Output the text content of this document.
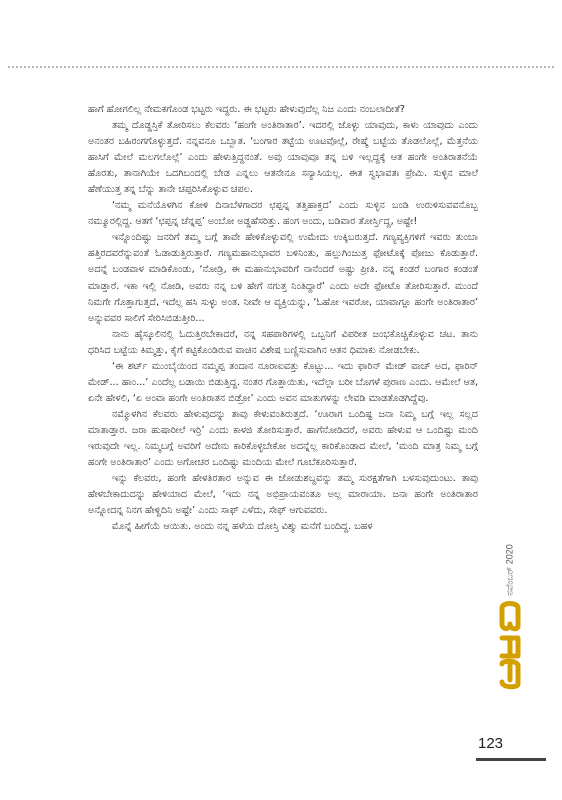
ಹಾಗೆ ಹೋಗಲಿಲ್ಲ ನೇಮಕಗೊಂಡ ಭಟ್ಟರು ಇದ್ದರು. ಈ ಭಟ್ಟರು ಹೇಳುವುದೆಲ್ಲ ನಿಜ ಎಂದು ನಂಬಲಾದೀತೆ?

ತಮ್ಮ ದೊಡ್ಡಸ್ತಿಕೆ ತೋರಿಸಲು ಕೆಲವರು ‘ಹಂಗೇ ಅಂತಿರಾತಾರ’. ಇದರಲ್ಲಿ ಜೊಳ್ಳು ಯಾವುದು, ಕಾಳು ಯಾವುದು ಎಂದು ಅನಂತರ ಬಹಿರಂಗಗೊಳ್ಳುತ್ತದೆ. ನನ್ನವನೂ ಒಬ್ಬಾತ. ‘ಬಂಗಾರ ತಟ್ಟೆಯ ಊಟವೊಲ್ಲೆ, ರೇಷ್ಮೆ ಬಟ್ಟೆಯ ತೊಡಲೊಲ್ಲೆ, ಮೆತ್ತನೆಯ ಹಾಸಿಗೆ ಮೇಲೆ ಮಲಗಲೊಲ್ಲೆ’ ಎಂದು ಹೇಳುತ್ತಿದ್ದನಂತೆ. ಅವು ಯಾವುವೂ ತನ್ನ ಬಳಿ ಇಲ್ಲದ್ದಕ್ಕೆ ಆತ ಹಂಗೇ ಅಂತಿರಾತನೆಯೆ ಹೊರತು, ತಾನಾಗಿಯೇ ಒದಗಿಬಂದಲ್ಲಿ ಬೇಡ ಎನ್ನಲು ಆತನೇನೂ ಸನ್ಯಾಸಿಯಲ್ಲ. ಈತ ಸ್ವಭಾವತಃ ಪ್ರೇಮಿ. ಸುಳ್ಳಿನ ಮಾಲೆ ಹೆಣೆಯುತ್ತ ತನ್ನ ಬೆನ್ನು ತಾನೇ ಚಪ್ಪರಿಸಿಕೊಳ್ಳುವ ಚಪಲ.

‘ನಮ್ಮ ಮನೆಯೊಳಗಿನ ಕೋಳಿ ದಿನಾಬೆಳಗಾದರ ಛಪ್ಪನ್ನ ತತ್ತಿಹಾಕ್ತದ’ ಎಂದು ಸುಳ್ಳಿನ ಬಂಡಿ ಉರುಳಿಸುವವನೊಬ್ಬ ನಮ್ಮೂರಲ್ಲಿದ್ದ. ಆತಗೆ ‘ಛಪ್ಪನ್ನ ಚೆನ್ನಪ್ಪ’ ಅಂಬೋ ಅಡ್ಡಹೆಸರಿತ್ತು. ಹಂಗ ಅಂದು, ಬಡಿವಾರ ತೋರ್ಸ್ತಿದ್ದ, ಅಷ್ಟೇ!

ಇನ್ನೊಂದಿಷ್ಟು ಜನರಿಗೆ ತಮ್ಮ ಬಗ್ಗೆ ತಾವೇ ಹೇಳಿಕೊಳ್ಳುವಲ್ಲಿ ಉಮೇದು ಉಕ್ಕಿಬರುತ್ತದೆ. ಗಣ್ಯವ್ಯಕ್ತಿಗಳಿಗೆ ಇವರು ತುಂಬಾ ಹತ್ತಿರದವರೆನ್ನುವಂತೆ ಓಡಾಡುತ್ತಿರುತ್ತಾರೆ. ಗಣ್ಯಮಹಾನುಭಾವರ ಬಳಿನಿಂತು, ಹಲ್ಲುಗಿಂಜುತ್ತ ಫೋಟೊಕ್ಕೆ ಪೋಜು ಕೊಡುತ್ತಾರೆ. ಅದನ್ನೆ ಬಂಡವಾಳ ಮಾಡಿಕೊಂಡು, ‘ನೋಡ್ರಿ, ಈ ಮಹಾನುಭಾವರಿಗೆ ನಾನೆಂದರೆ ಅಷ್ಟು ಪ್ರೀತಿ. ನನ್ನ ಕಂಡರೆ ಬಂಗಾರ ಕಂಡಂತೆ ಮಾಡ್ತಾರೆ. ಇಕಾ ಇಲ್ಲಿ ನೋಡಿ, ಅವರು ನನ್ನ ಬಳಿ ಹೇಗೆ ನಗುತ್ತ ನಿಂತಿದ್ದಾರೆ’ ಎಂದು ಅದೇ ಫೋಟೊ ತೋರಿಸುತ್ತಾರೆ. ಮುಂದೆ ನಿಮಗೇ ಗೊತ್ತಾಗುತ್ತದೆ, ಇದೆಲ್ಲ ಹಸಿ ಸುಳ್ಳು ಅಂತ. ನೀವೇ ಆ ವ್ಯಕ್ತಿಯನ್ನು, ‘ಓಹೋ ಇವರೋ, ಯಾವಾಗ್ಲೂ ಹಂಗೇ ಅಂತಿರಾತಾರ’ ಅನ್ನುವವರ ಸಾಲಿಗೆ ಸೇರಿಸಿಬಿಡುತ್ತೀರಿ...

ನಾನು ಹೈಸ್ಕೂಲಿನಲ್ಲಿ ಓದುತ್ತಿರಬೇಕಾದರೆ, ನನ್ನ ಸಹಪಾಠಿಗಳಲ್ಲಿ ಒಬ್ಬನಿಗೆ ವಿಪರೀತ ಜಂಭಕೊಚ್ಚಿಕೊಳ್ಳುವ ಚಟ. ತಾನು ಧರಿಸಿದ ಬಟ್ಟೆಯ ಕಿಮ್ಮತ್ತು, ಕೈಗೆ ಕಟ್ಟಿಕೊಂಡಿರುವ ವಾಚಿನ ವಿಶೇಷ ಬಣ್ಣಿಸುವಾಗಿನ ಆತನ ಧಿಮಾಕು ನೋಡಬೇಕು.

‘ಈ ಶರ್ಟ್ ಮುಂಬೈಯಿಂದ ನಮ್ಮಪ್ಪ ತಂದಾನ ನೂರಾಐವತ್ತು ಕೊಟ್ಟು... ಇದು ಫಾರಿನ್ ಮೇಡ್ ವಾಚ್ ಅದ, ಫಾರಿನ್ ಮೇಡ್... ಹಾಂ...’ ಎಂದೆಲ್ಲ ಬಡಾಯಿ ಬಿಡುತ್ತಿದ್ದ. ನಂತರ ಗೊತ್ತಾಯಿತು, ಇದೆಲ್ಲಾ ಬರೀ ಬೊಗಳೆ ಪುರಾಣ ಎಂದು. ಆಮೇಲೆ ಆತ, ಏನೇ ಹೇಳಲಿ, ‘ಏ ಅಂವಾ ಹಂಗೇ ಅಂತಿರಾತನ ಬಿಡ್ರೋ’ ಎಂದು ಅವನ ಮಾತುಗಳನ್ನು ಲೇವಡಿ ಮಾಡತೊಡಗಿದ್ದೆವು.

ನಮ್ಮೊಳಗಿನ ಕೆಲವರು ಹೇಳುವುದನ್ನು ತಾವು ಕೇಳುವಂತಿರುತ್ತದೆ. ‘ಊರಾಗ ಒಂದಿಷ್ಟ ಜನಾ ನಿಮ್ಮ ಬಗ್ಗೆ ಇಲ್ಲ ಸಲ್ಲದ ಮಾತಾಡ್ತಾರ. ಜರಾ ಹುಷಾರೀಲೆ ಇರ್ರಿ’ ಎಂದು ಕಾಳಜಿ ತೋರಿಸುತ್ತಾರೆ. ಹಾಗೆನೋಡಿದರೆ, ಅವರು ಹೇಳುವ ಆ ಒಂದಿಷ್ಟು ಮಂದಿ ಇರುವುದೇ ಇಲ್ಲ. ನಿಮ್ಮಬಗ್ಗೆ ಅವರಿಗೆ ಅದೇನು ಕಾರಿಕೊಳ್ಳಬೇಕೋ ಅದನ್ನೆಲ್ಲ ಕಾರಿಕೊಂಡಾದ ಮೇಲೆ, ‘ಮಂದಿ ಮಾತ್ರ ನಿಮ್ಮ ಬಗ್ಗೆ ಹಂಗೇ ಅಂತಿರಾತಾರ’ ಎಂದು ಅಗೋಚರ ಒಂದಿಷ್ಟು ಮಂದಿಯ ಮೇಲೆ ಗೂಬೆಕೂರಿಸುತ್ತಾರೆ.

ಇನ್ನು ಕೆಲವರು, ಹಂಗೇ ಹೇಳತಿರತಾರ ಅನ್ನುವ ಈ ಜೋಡುಶಬ್ದವನ್ನು ತಮ್ಮ ಸುರಕ್ಷತೆಗಾಗಿ ಬಳಸುವುದುಂಟು. ತಾವು ಹೇಳಬೇಕಾದುದನ್ನು ಹೇಳಿಯಾದ ಮೇಲೆ, ‘ಇದು ನನ್ನ ಅಭಿಪ್ರಾಯವಂತೂ ಅಲ್ಲ ಮಾರಾಯಾ. ಜನಾ ಹಂಗೇ ಅಂತಿರಾತಾರ ಅನ್ನೋದನ್ನ ನಿನಗ ಹೇಳ್ದಿದಿನಿ ಅಷ್ಟೇ’ ಎಂದು ಸಾಫ್ ಎಳೆದು, ಸೇಫ್ ಆಗುವವರು.

ಮೊನ್ನೆ ಹೀಗೆಯೆ ಆಯಿತು. ಅಂದು ನನ್ನ ಹಳೆಯ ದೋಸ್ತಿ ವಿಶ್ಮು ಮನೆಗೆ ಬಂದಿದ್ದ. ಬಹಳ

ನವೆಂಬರ್ 2020
123
